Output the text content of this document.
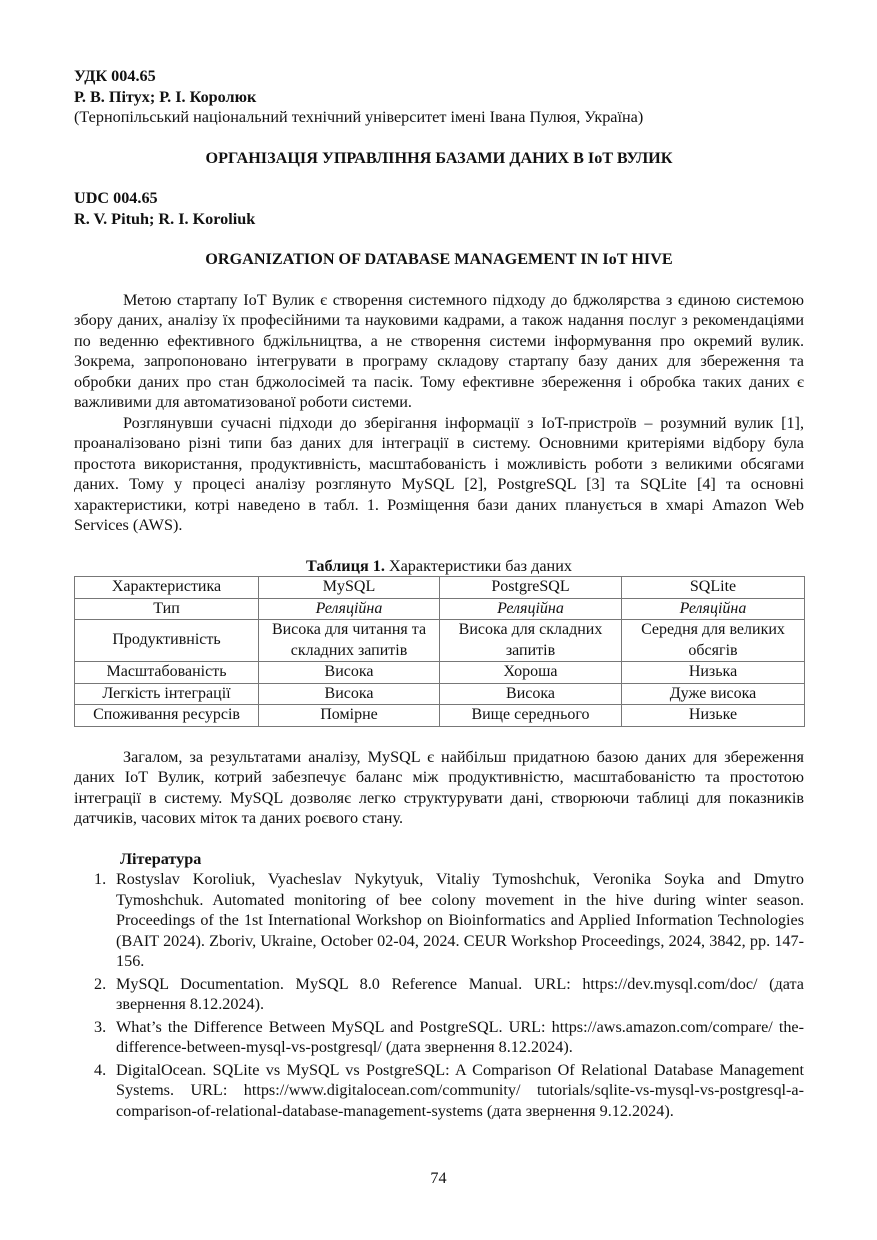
УДК 004.65
Р. В. Пітух; Р. І. Королюк
(Тернопільський національний технічний університет імені Івана Пулюя, Україна)

ОРГАНІЗАЦІЯ УПРАВЛІННЯ БАЗАМИ ДАНИХ В IoT ВУЛИК

UDC 004.65
R. V. Pituh; R. I. Koroliuk

ORGANIZATION OF DATABASE MANAGEMENT IN IoT HIVE

Метою стартапу IoT Вулик є створення системного підходу до бджолярства з єдиною системою збору даних, аналізу їх професійними та науковими кадрами, а також надання послуг з рекомендаціями по веденню ефективного бджільництва, а не створення системи інформування про окремий вулик. Зокрема, запропоновано інтегрувати в програму складову стартапу базу даних для збереження та обробки даних про стан бджолосімей та пасік. Тому ефективне збереження і обробка таких даних є важливими для автоматизованої роботи системи.

Розглянувши сучасні підходи до зберігання інформації з IoT-пристроїв – розумний вулик [1], проаналізовано різні типи баз даних для інтеграції в систему. Основними критеріями відбору була простота використання, продуктивність, масштабованість і можливість роботи з великими обсягами даних. Тому у процесі аналізу розглянуто MySQL [2], PostgreSQL [3] та SQLite [4] та основні характеристики, котрі наведено в табл. 1. Розміщення бази даних планується в хмарі Amazon Web Services (AWS).

Таблиця 1. Характеристики баз даних

Характеристика	MySQL	PostgreSQL	SQLite
Тип	Реляційна	Реляційна	Реляційна
Продуктивність	Висока для читання та складних запитів	Висока для складних запитів	Середня для великих обсягів
Масштабованість	Висока	Хороша	Низька
Легкість інтеграції	Висока	Висока	Дуже висока
Споживання ресурсів	Помірне	Вище середнього	Низьке

Загалом, за результатами аналізу, MySQL є найбільш придатною базою даних для збереження даних IoT Вулик, котрий забезпечує баланс між продуктивністю, масштабованістю та простотою інтеграції в систему. MySQL дозволяє легко структурувати дані, створюючи таблиці для показників датчиків, часових міток та даних роєвого стану.

Література

1. Rostyslav Koroliuk, Vyacheslav Nykytyuk, Vitaliy Tymoshchuk, Veronika Soyka and Dmytro Tymoshchuk. Automated monitoring of bee colony movement in the hive during winter season. Proceedings of the 1st International Workshop on Bioinformatics and Applied Information Technologies (BAIT 2024). Zboriv, Ukraine, October 02-04, 2024. CEUR Workshop Proceedings, 2024, 3842, pp. 147-156.
2. MySQL Documentation. MySQL 8.0 Reference Manual. URL: https://dev.mysql.com/doc/ (дата звернення 8.12.2024).
3. What’s the Difference Between MySQL and PostgreSQL. URL: https://aws.amazon.com/compare/ the-difference-between-mysql-vs-postgresql/ (дата звернення 8.12.2024).
4. DigitalOcean. SQLite vs MySQL vs PostgreSQL: A Comparison Of Relational Database Management Systems. URL: https://www.digitalocean.com/community/ tutorials/sqlite-vs-mysql-vs-postgresql-a-comparison-of-relational-database-management-systems (дата звернення 9.12.2024).
74
